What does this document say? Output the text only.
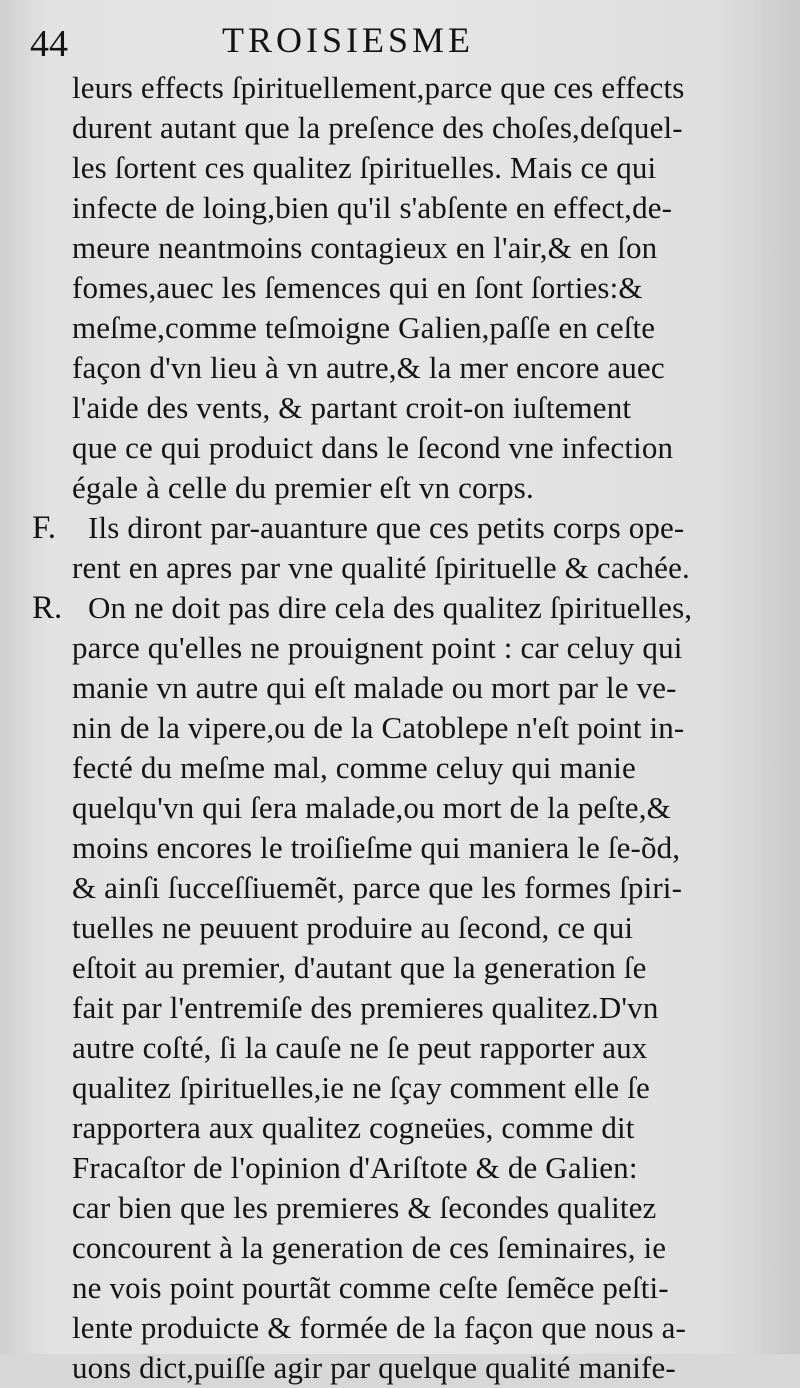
44	TROISIESME
leurs effects ſpirituellement,parce que ces effects
durent autant que la preſence des choſes,deſquel-
les ſortent ces qualitez ſpirituelles. Mais ce qui
infecte de loing,bien qu'il s'abſente en effect,de-
meure neantmoins contagieux en l'air,& en ſon
fomes,auec les ſemences qui en ſont ſorties:&
meſme,comme teſmoigne Galien,paſſe en ceſte
façon d'vn lieu à vn autre,& la mer encore auec
l'aide des vents, & partant croit-on iuſtement
que ce qui produict dans le ſecond vne infection
égale à celle du premier eſt vn corps.
F. Ils diront par-auanture que ces petits corps ope-
rent en apres par vne qualité ſpirituelle & cachée.
R. On ne doit pas dire cela des qualitez ſpirituelles,
parce qu'elles ne prouignent point : car celuy qui
manie vn autre qui eſt malade ou mort par le ve-
nin de la vipere,ou de la Catoblepe n'eſt point in-
fecté du meſme mal, comme celuy qui manie
quelqu'vn qui ſera malade,ou mort de la peſte,&
moins encores le troiſieſme qui maniera le ſe-õd,
& ainſi ſucceſſiuemẽt, parce que les formes ſpiri-
tuelles ne peuuent produire au ſecond, ce qui
eſtoit au premier, d'autant que la generation ſe
fait par l'entremiſe des premieres qualitez.D'vn
autre coſté, ſi la cauſe ne ſe peut rapporter aux
qualitez ſpirituelles,ie ne ſçay comment elle ſe
rapportera aux qualitez cogneües, comme dit
Fracaſtor de l'opinion d'Ariſtote & de Galien:
car bien que les premieres & ſecondes qualitez
concourent à la generation de ces ſeminaires, ie
ne vois point pourtãt comme ceſte ſemẽce peſti-
lente produicte & formée de la façon que nous a-
uons dict,puiſſe agir par quelque qualité manife-
